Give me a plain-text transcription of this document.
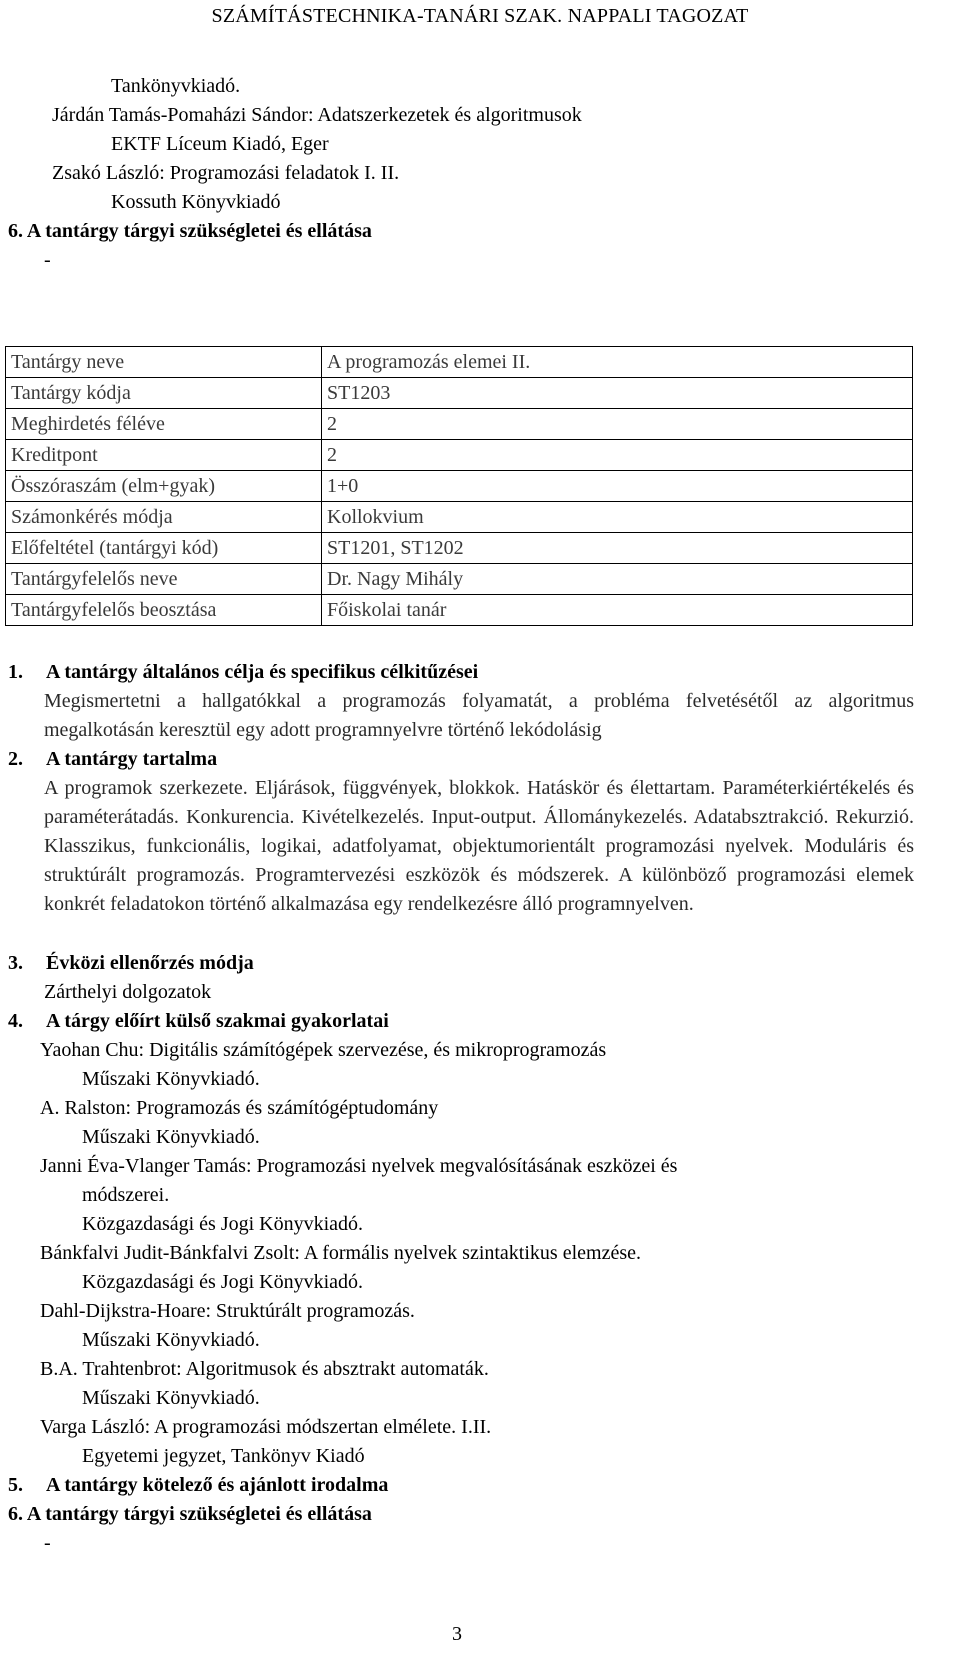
SZÁMÍTÁSTECHNIKA-TANÁRI SZAK. NAPPALI TAGOZAT
Tankönyvkiadó.
Járdán Tamás-Pomaházi Sándor: Adatszerkezetek és algoritmusok
EKTF Líceum Kiadó, Eger
Zsakó László: Programozási feladatok I. II.
Kossuth Könyvkiadó
6. A tantárgy tárgyi szükségletei és ellátása
-
Tantárgy neve	A programozás elemei II.
Tantárgy kódja	ST1203
Meghirdetés féléve	2
Kreditpont	2
Összóraszám (elm+gyak)	1+0
Számonkérés módja	Kollokvium
Előfeltétel (tantárgyi kód)	ST1201, ST1202
Tantárgyfelelős neve	Dr. Nagy Mihály
Tantárgyfelelős beosztása	Főiskolai tanár
1. A tantárgy általános célja és specifikus célkitűzései
Megismertetni a hallgatókkal a programozás folyamatát, a probléma felvetésétől az algoritmus megalkotásán keresztül egy adott programnyelvre történő lekódolásig
2. A tantárgy tartalma
A programok szerkezete. Eljárások, függvények, blokkok. Hatáskör és élettartam. Paraméterkiértékelés és paraméterátadás. Konkurencia. Kivételkezelés. Input-output. Állománykezelés. Adatabsztrakció. Rekurzió. Klasszikus, funkcionális, logikai, adatfolyamat, objektumorientált programozási nyelvek. Moduláris és struktúrált programozás. Programtervezési eszközök és módszerek. A különböző programozási elemek konkrét feladatokon történő alkalmazása egy rendelkezésre álló programnyelven.
3. Évközi ellenőrzés módja
Zárthelyi dolgozatok
4. A tárgy előírt külső szakmai gyakorlatai
Yaohan Chu: Digitális számítógépek szervezése, és mikroprogramozás
Műszaki Könyvkiadó.
A. Ralston: Programozás és számítógéptudomány
Műszaki Könyvkiadó.
Janni Éva-Vlanger Tamás: Programozási nyelvek megvalósításának eszközei és
módszerei.
Közgazdasági és Jogi Könyvkiadó.
Bánkfalvi Judit-Bánkfalvi Zsolt: A formális nyelvek szintaktikus elemzése.
Közgazdasági és Jogi Könyvkiadó.
Dahl-Dijkstra-Hoare: Struktúrált programozás.
Műszaki Könyvkiadó.
B.A. Trahtenbrot: Algoritmusok és absztrakt automaták.
Műszaki Könyvkiadó.
Varga László: A programozási módszertan elmélete. I.II.
Egyetemi jegyzet, Tankönyv Kiadó
5. A tantárgy kötelező és ajánlott irodalma
6. A tantárgy tárgyi szükségletei és ellátása
-
3
